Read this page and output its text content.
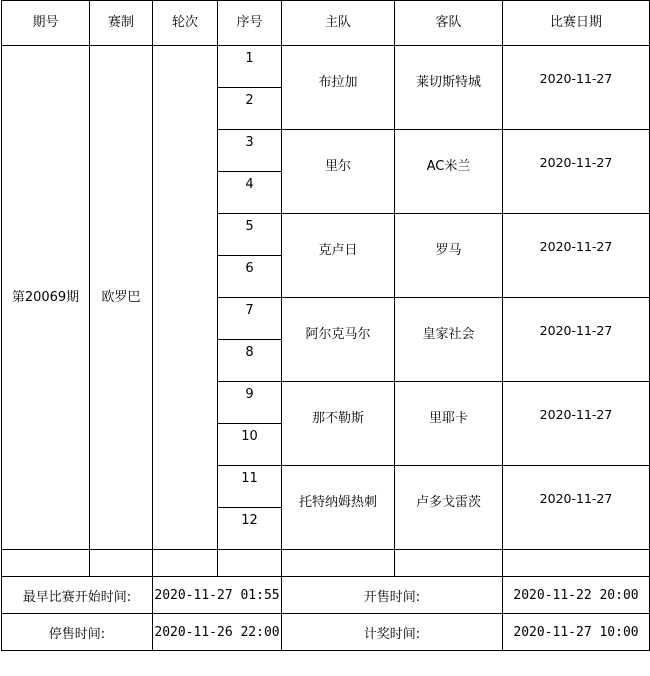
期号	赛制	轮次	序号	主队	客队	比赛日期

第20069期	欧罗巴		1	布拉加	莱切斯特城	2020-11-27

			2			

			3	里尔	AC米兰	2020-11-27

			4			

			5	克卢日	罗马	2020-11-27

			6			

			7	阿尔克马尔	皇家社会	2020-11-27

			8			

			9	那不勒斯	里耶卡	2020-11-27

			10			

			11	托特纳姆热刺	卢多戈雷茨	2020-11-27

			12			

最早比赛开始时间:		2020-11-27 01:55		开售时间:		2020-11-22 20:00
停售时间:		2020-11-26 22:00		计奖时间:		2020-11-27 10:00
